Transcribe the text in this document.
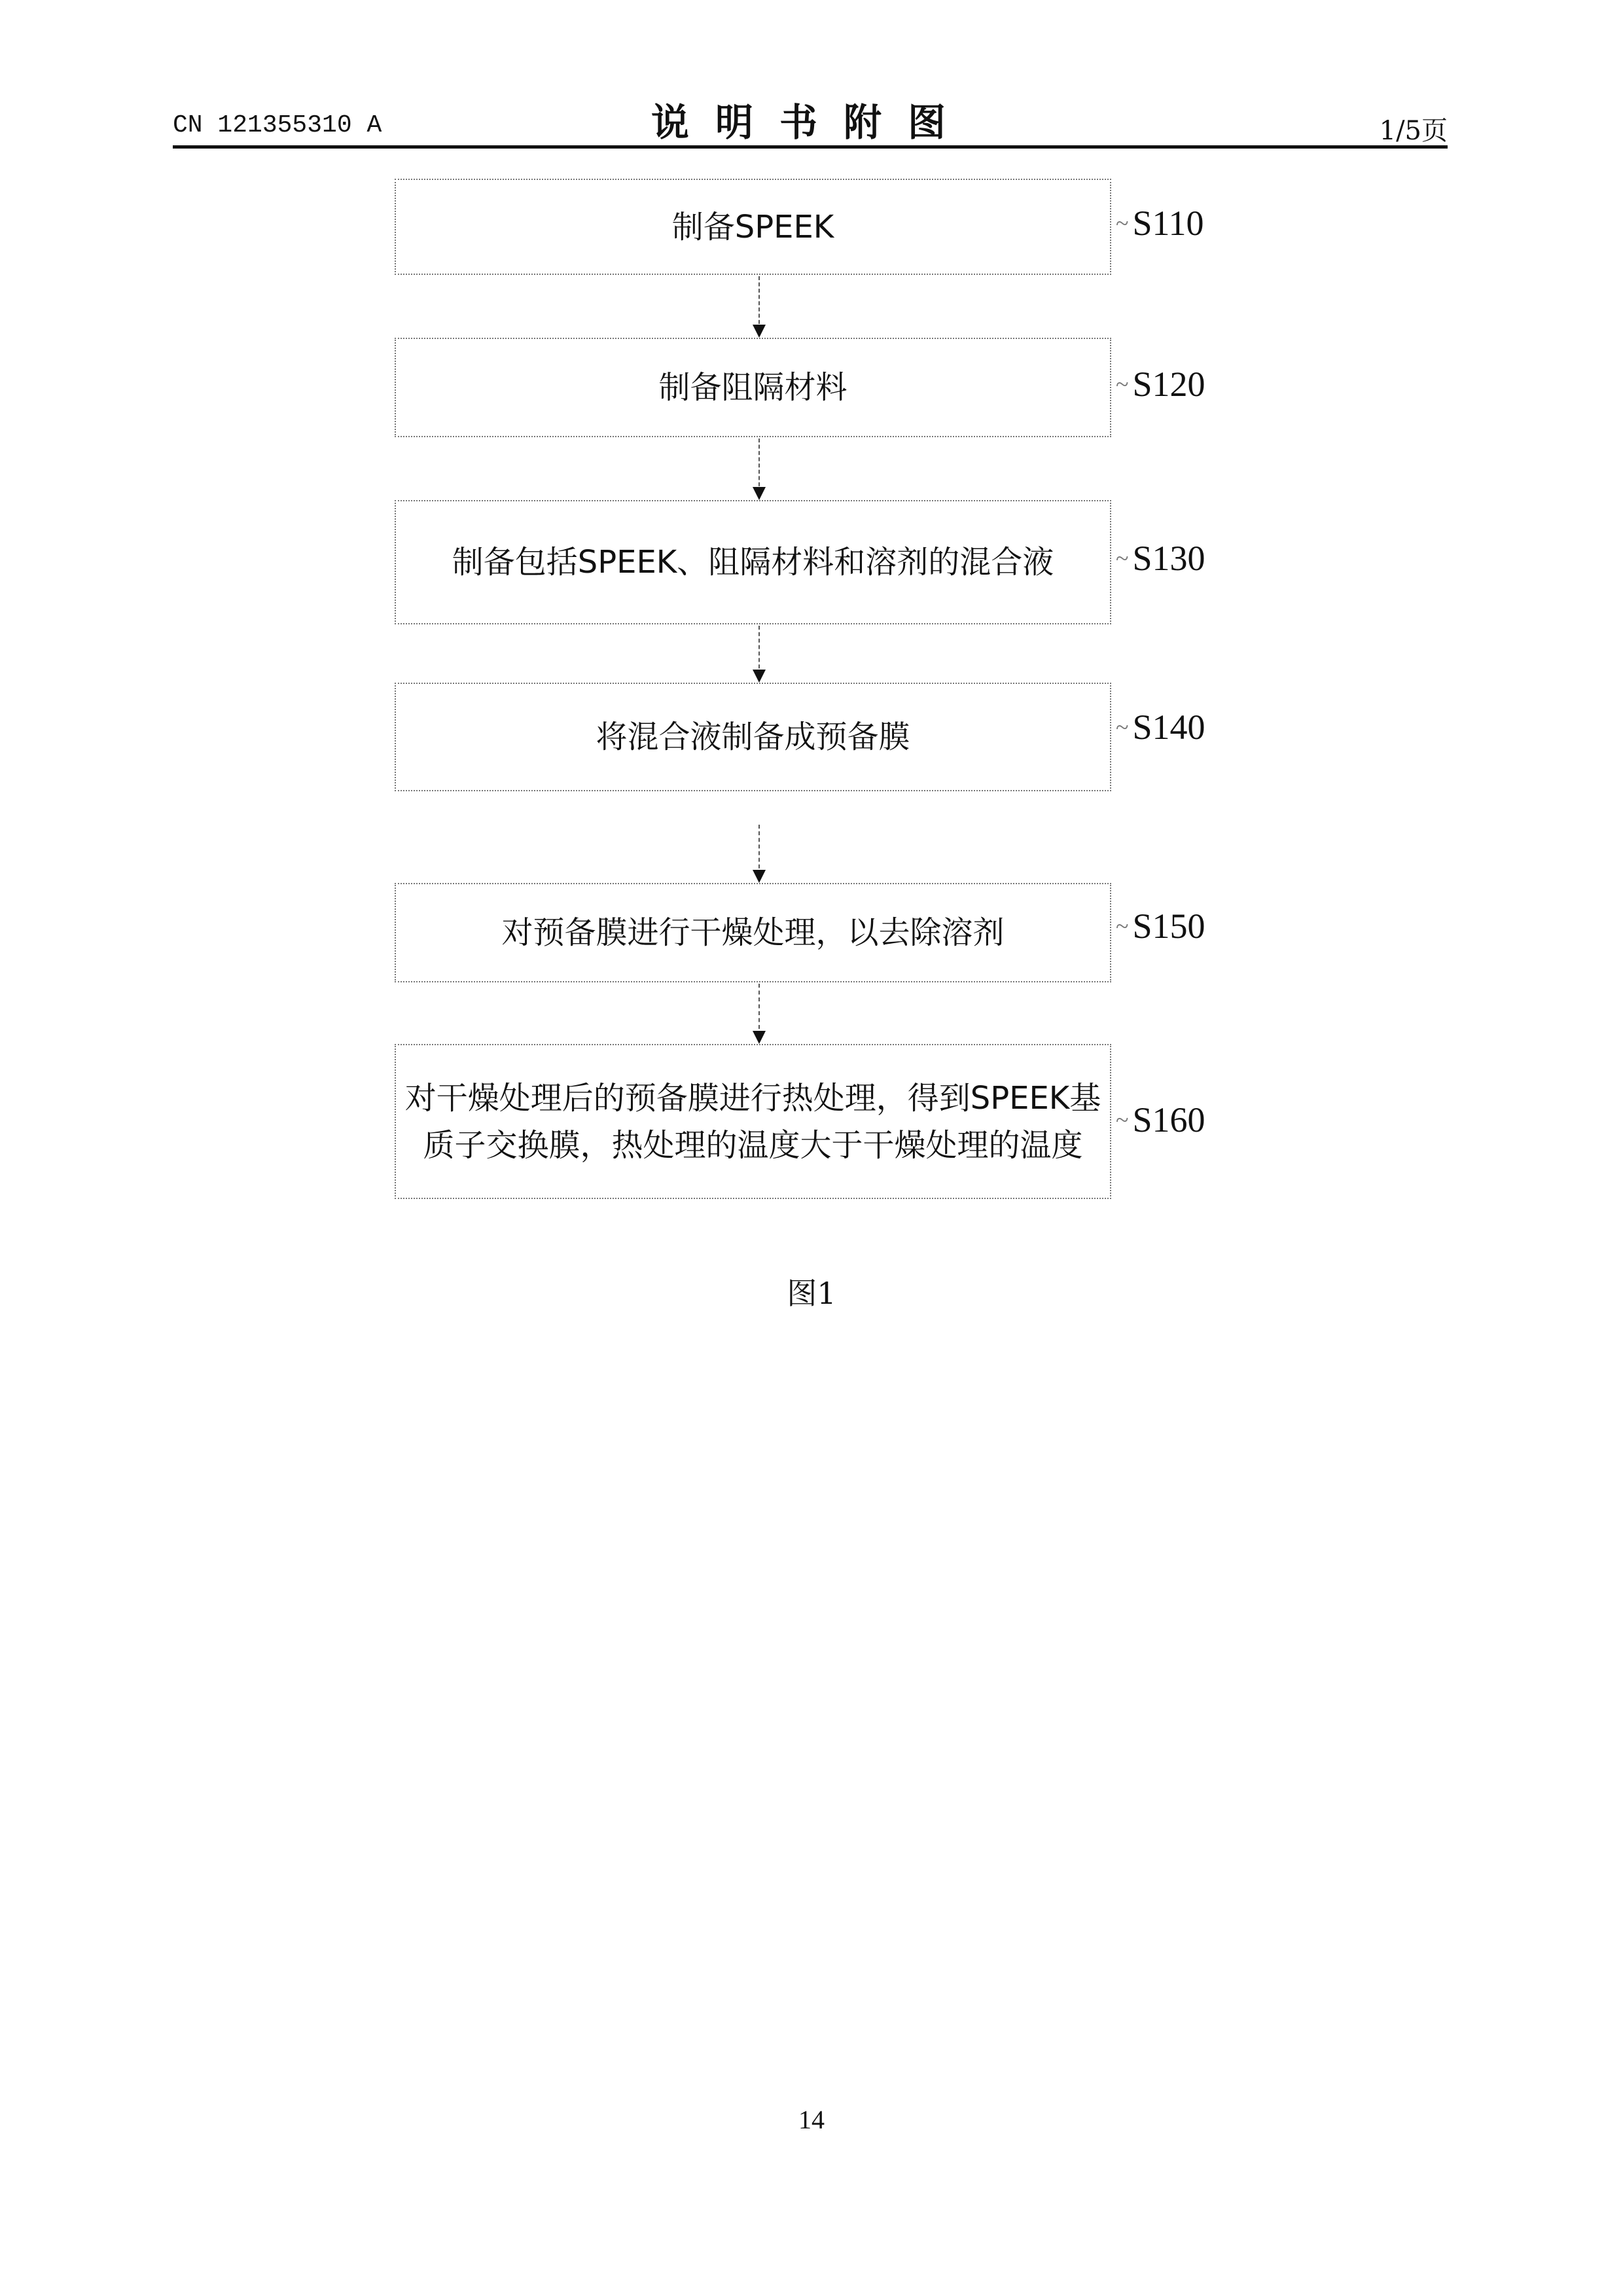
CN 121355310 A	说明书附图	1/5页
制备SPEEK	~ S110
制备阻隔材料	~ S120
制备包括SPEEK、阻隔材料和溶剂的混合液	~ S130
将混合液制备成预备膜	~ S140
对预备膜进行干燥处理，以去除溶剂	~ S150
对干燥处理后的预备膜进行热处理，得到SPEEK基质子交换膜，热处理的温度大于干燥处理的温度
~ S160
图1
14
